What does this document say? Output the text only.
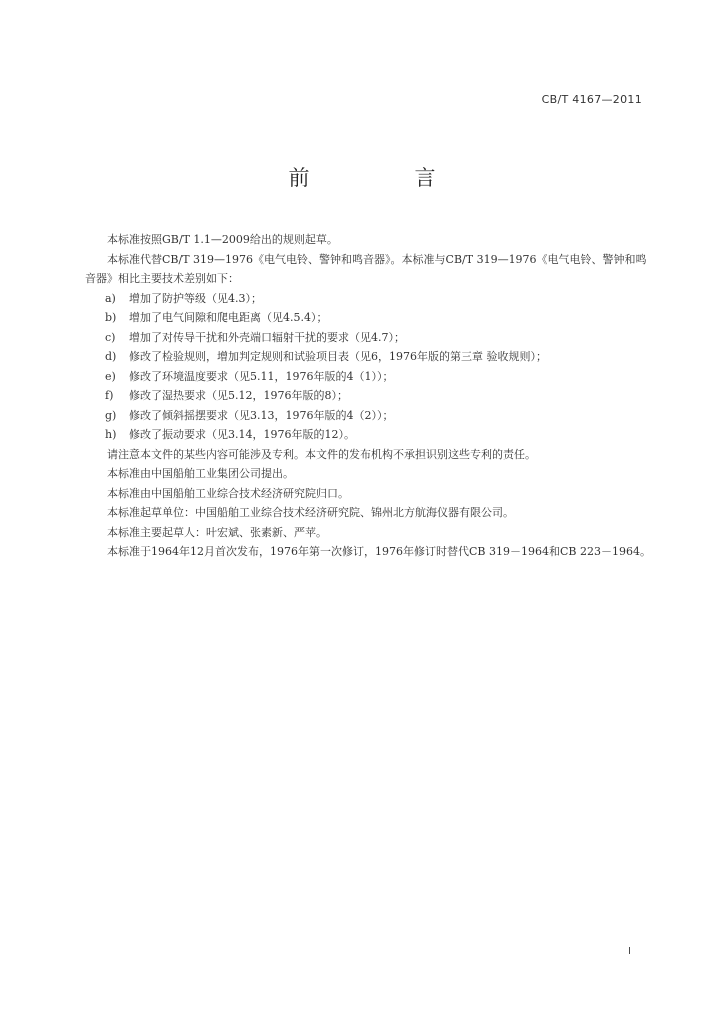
CB/T 4167—2011
前　言

本标准按照GB/T 1.1—2009给出的规则起草。

本标准代替CB/T 319—1976《电气电铃、警钟和鸣音器》。本标准与CB/T 319—1976《电气电铃、警钟和鸣音器》相比主要技术差别如下：

a)	增加了防护等级（见4.3）；

b)	增加了电气间隙和爬电距离（见4.5.4）；

c)	增加了对传导干扰和外壳端口辐射干扰的要求（见4.7）；

d)	修改了检验规则，增加判定规则和试验项目表（见6，1976年版的第三章 验收规则）；

e)	修改了环境温度要求（见5.11，1976年版的4（1））；

f)	修改了湿热要求（见5.12，1976年版的8）；

g)	修改了倾斜摇摆要求（见3.13，1976年版的4（2））；

h)	修改了振动要求（见3.14，1976年版的12）。

请注意本文件的某些内容可能涉及专利。本文件的发布机构不承担识别这些专利的责任。

本标准由中国船舶工业集团公司提出。

本标准由中国船舶工业综合技术经济研究院归口。

本标准起草单位：中国船舶工业综合技术经济研究院、锦州北方航海仪器有限公司。

本标准主要起草人：叶宏斌、张素新、严苹。

本标准于1964年12月首次发布，1976年第一次修订，1976年修订时替代CB 319－1964和CB 223－1964。

I
